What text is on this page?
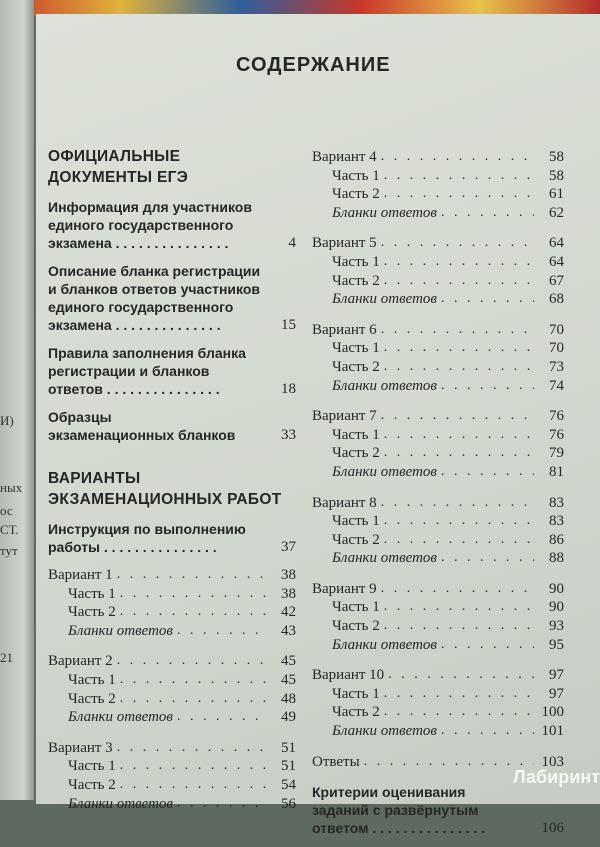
И)
ных
ос
СТ.
тут
21
СОДЕРЖАНИЕ
ОФИЦИАЛЬНЫЕ
ДОКУМЕНТЫ ЕГЭ
Информация для участников
единого государственного
экзамена . . . . . . . . . . . . . . .	4
Описание бланка регистрации
и бланков ответов участников
единого государственного
экзамена . . . . . . . . . . . . . .	15
Правила заполнения бланка
регистрации и бланков
ответов . . . . . . . . . . . . . . .	18
Образцы
экзаменационных бланков	33
ВАРИАНТЫ
ЭКЗАМЕНАЦИОННЫХ РАБОТ
Инструкция по выполнению
работы . . . . . . . . . . . . . . .	37
Вариант 1 . . .	38
Часть 1 . . .	38
Часть 2 . . .	42
Бланки ответов . . .	43
Вариант 2 . . .	45
Часть 1 . . .	45
Часть 2 . . .	48
Бланки ответов . . .	49
Вариант 3 . . .	51
Часть 1 . . .	51
Часть 2 . . .	54
Бланки ответов . . .	56
Вариант 4 . . .	58
Часть 1 . . .	58
Часть 2 . . .	61
Бланки ответов . . .	62
Вариант 5 . . .	64
Часть 1 . . .	64
Часть 2 . . .	67
Бланки ответов . . .	68
Вариант 6 . . .	70
Часть 1 . . .	70
Часть 2 . . .	73
Бланки ответов . . .	74
Вариант 7 . . .	76
Часть 1 . . .	76
Часть 2 . . .	79
Бланки ответов . . .	81
Вариант 8 . . .	83
Часть 1 . . .	83
Часть 2 . . .	86
Бланки ответов . . .	88
Вариант 9 . . .	90
Часть 1 . . .	90
Часть 2 . . .	93
Бланки ответов . . .	95
Вариант 10 . . .	97
Часть 1 . . .	97
Часть 2 . . .	100
Бланки ответов . . .	101
Ответы . . .	103
Критерии оценивания
заданий с развёрнутым
ответом . . . . . . . . . . . . . . .	106
Лабиринт
